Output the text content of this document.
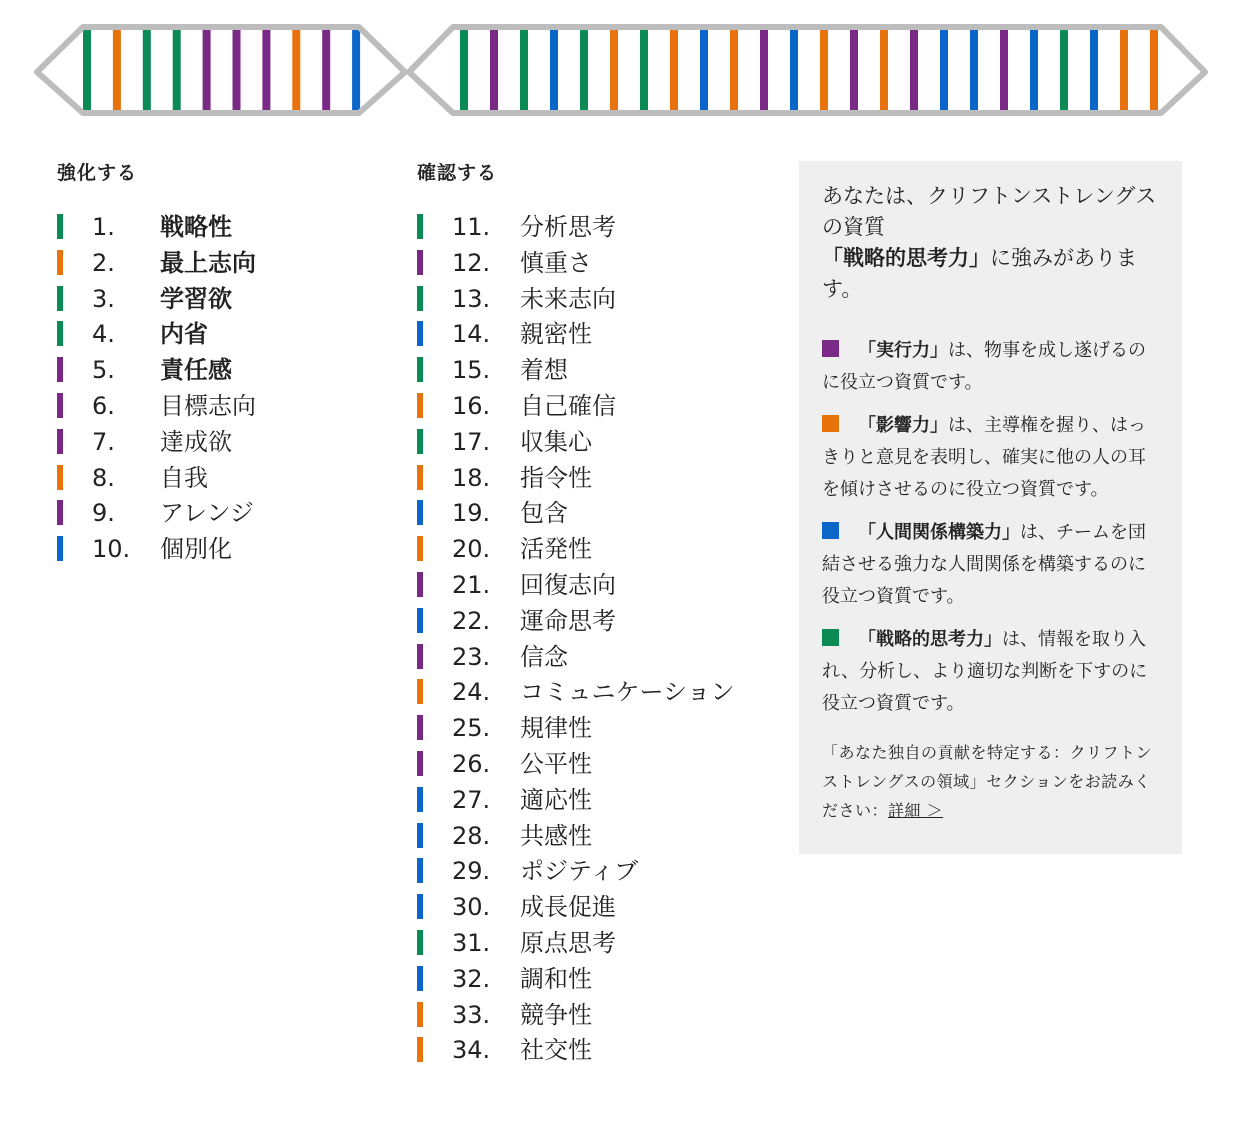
強化する
1. 戦略性
2. 最上志向
3. 学習欲
4. 内省
5. 責任感
6. 目標志向
7. 達成欲
8. 自我
9. アレンジ
10. 個別化
確認する
11. 分析思考
12. 慎重さ
13. 未来志向
14. 親密性
15. 着想
16. 自己確信
17. 収集心
18. 指令性
19. 包含
20. 活発性
21. 回復志向
22. 運命思考
23. 信念
24. コミュニケーション
25. 規律性
26. 公平性
27. 適応性
28. 共感性
29. ポジティブ
30. 成長促進
31. 原点思考
32. 調和性
33. 競争性
34. 社交性

あなたは、クリフトンストレングスの資質
「戦略的思考力」に強みがあります。

「実行力」は、物事を成し遂げるのに役立つ資質です。

「影響力」は、主導権を握り、はっきりと意見を表明し、確実に他の人の耳を傾けさせるのに役立つ資質です。

「人間関係構築力」は、チームを団結させる強力な人間関係を構築するのに役立つ資質です。

「戦略的思考力」は、情報を取り入れ、分析し、より適切な判断を下すのに役立つ資質です。

「あなた独自の貢献を特定する：クリフトンストレングスの領域」セクションをお読みください：詳細 ＞
